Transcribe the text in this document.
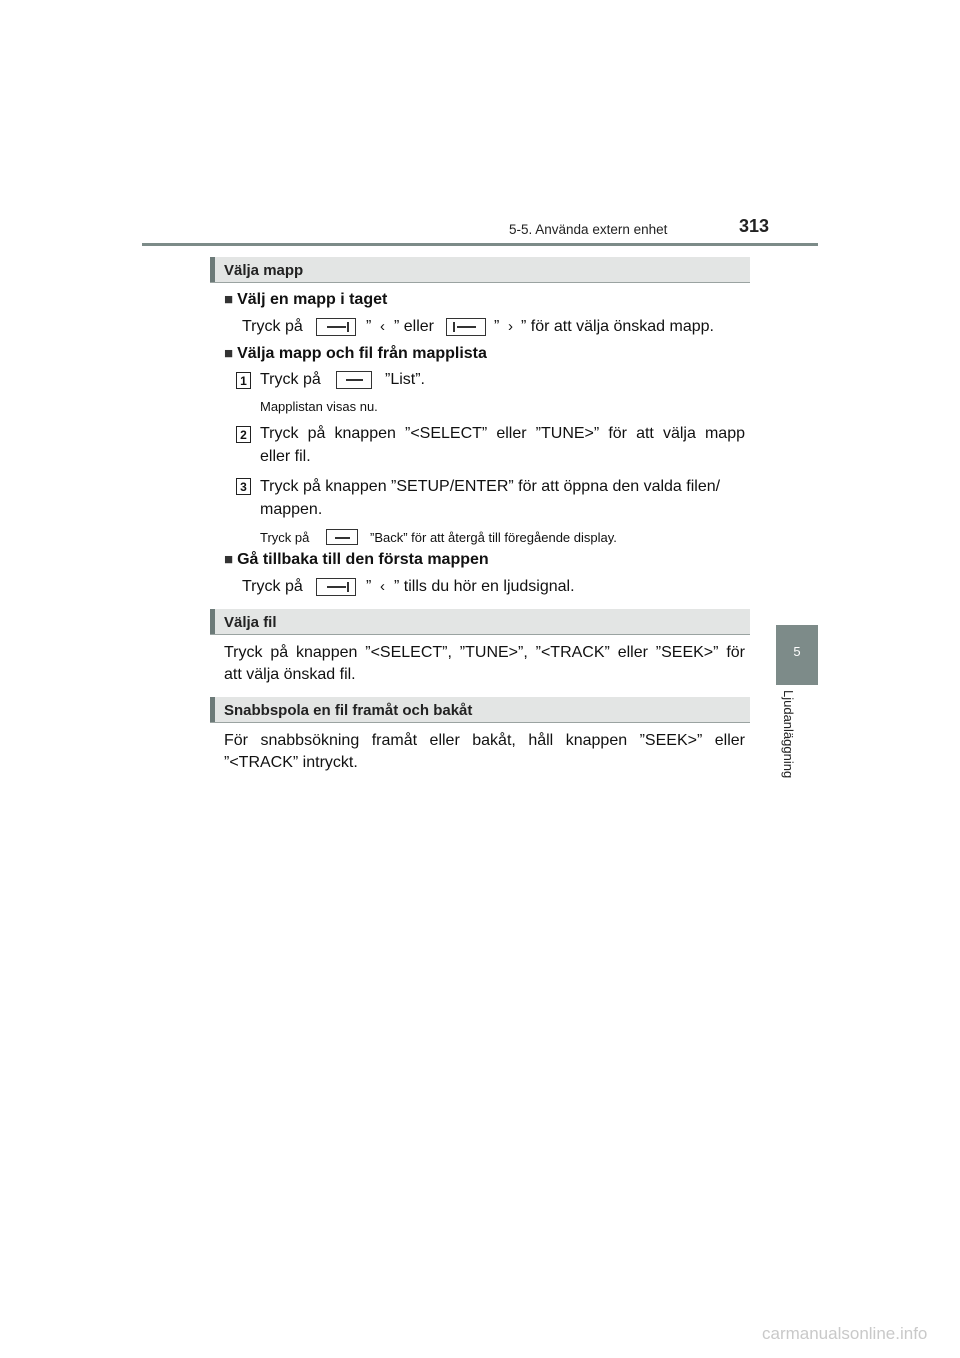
5-5. Använda extern enhet	313
5
Ljudanläggning
Välja mapp
■ Välj en mapp i taget
Tryck på	” ‹ ” eller	” › ” för att välja önskad mapp.
■ Välja mapp och fil från mapplista
1 Tryck på	”List”.
Mapplistan visas nu.
2 Tryck på knappen ”<SELECT” eller ”TUNE>” för att välja mapp
eller fil.
3 Tryck på knappen ”SETUP/ENTER” för att öppna den valda filen/
mappen.
Tryck på	”Back” för att återgå till föregående display.
■ Gå tillbaka till den första mappen
Tryck på	” ‹ ” tills du hör en ljudsignal.
Välja fil
Tryck på knappen ”<SELECT”, ”TUNE>”, ”<TRACK” eller ”SEEK>” för
att välja önskad fil.
Snabbspola en fil framåt och bakåt
För snabbsökning framåt eller bakåt, håll knappen ”SEEK>” eller
”<TRACK” intryckt.
carmanualsonline.info
